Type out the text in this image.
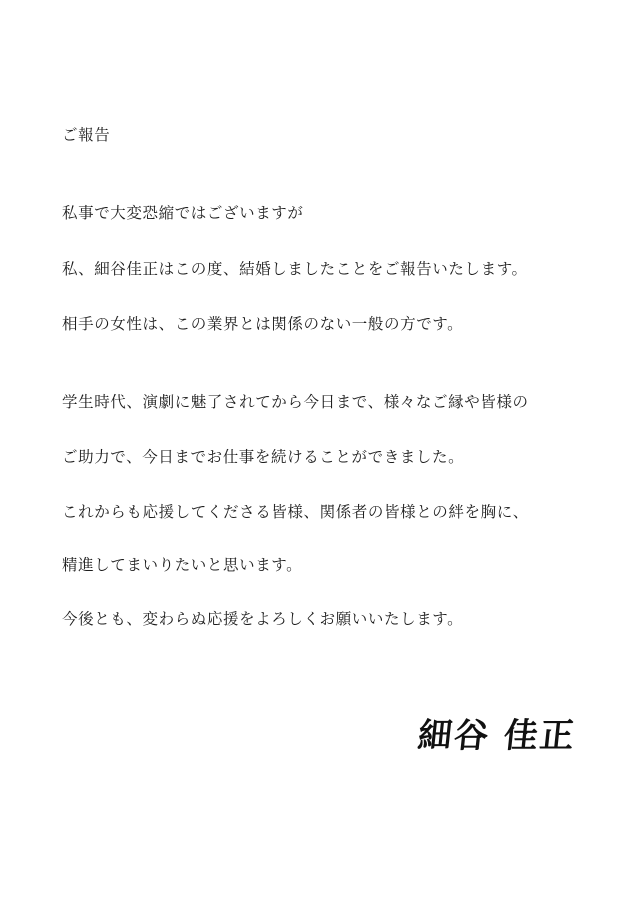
ご報告
私事で大変恐縮ではございますが
私、細谷佳正はこの度、結婚しましたことをご報告いたします。
相手の女性は、この業界とは関係のない一般の方です。
学生時代、演劇に魅了されてから今日まで、様々なご縁や皆様の
ご助力で、今日までお仕事を続けることができました。
これからも応援してくださる皆様、関係者の皆様との絆を胸に、
精進してまいりたいと思います。
今後とも、変わらぬ応援をよろしくお願いいたします。
細谷 佳正
